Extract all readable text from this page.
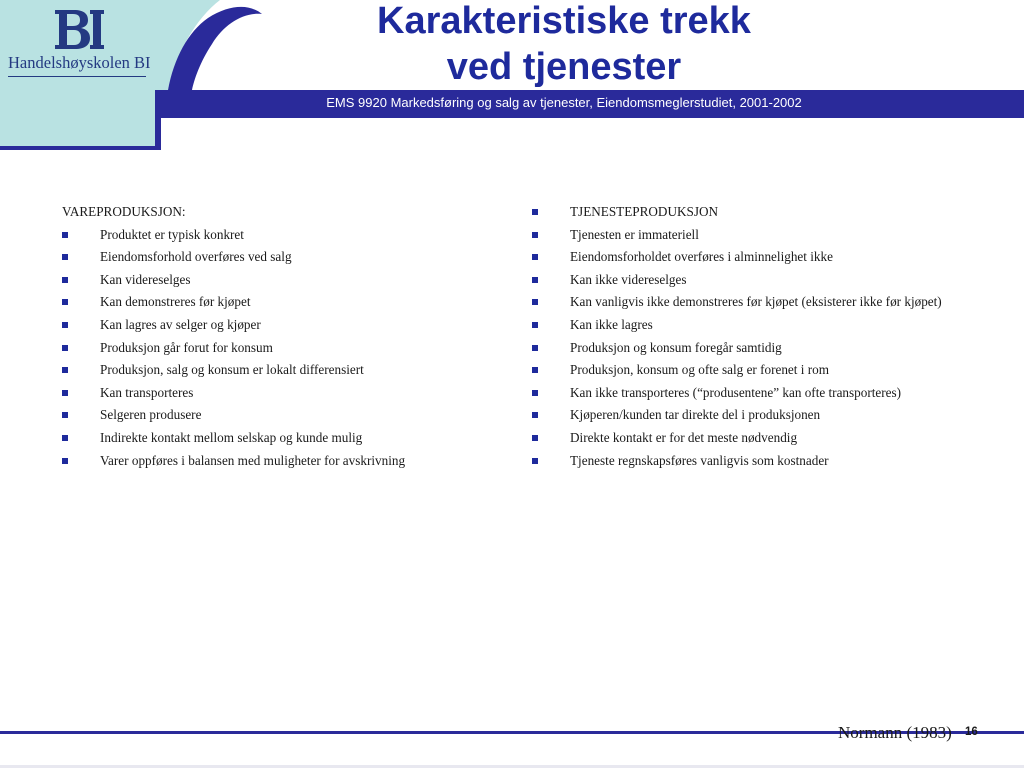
Handelshøyskolen BI
Karakteristiske trekk
ved tjenester
EMS 9920 Markedsføring og salg av tjenester, Eiendomsmeglerstudiet, 2001-2002
VAREPRODUKSJON:
Produktet er typisk konkret
Eiendomsforhold overføres ved salg
Kan videreselges
Kan demonstreres før kjøpet
Kan lagres av selger og kjøper
Produksjon går forut for konsum
Produksjon, salg og konsum er lokalt differensiert
Kan transporteres
Selgeren produsere
Indirekte kontakt mellom selskap og kunde mulig
Varer oppføres i balansen med muligheter for avskrivning
TJENESTEPRODUKSJON
Tjenesten er immateriell
Eiendomsforholdet overføres i alminnelighet ikke
Kan ikke videreselges
Kan vanligvis ikke demonstreres før kjøpet (eksisterer ikke før kjøpet)
Kan ikke lagres
Produksjon og konsum foregår samtidig
Produksjon, konsum og ofte salg er forenet i rom
Kan ikke transporteres (“produsentene” kan ofte transporteres)
Kjøperen/kunden tar direkte del i produksjonen
Direkte kontakt er for det meste nødvendig
Tjeneste regnskapsføres vanligvis som kostnader
Normann (1983) 16
